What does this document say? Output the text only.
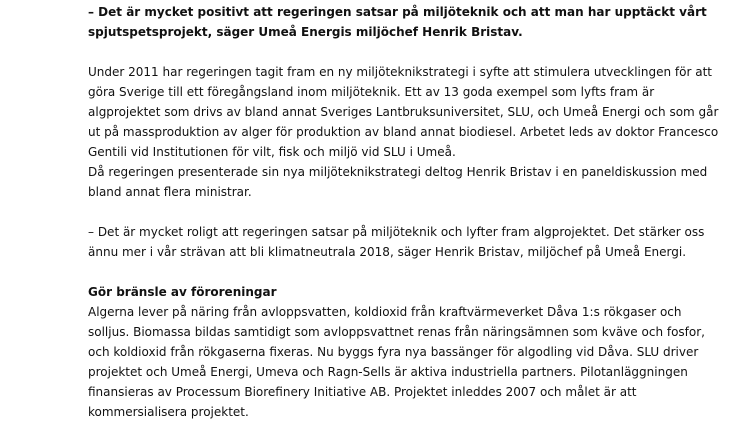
– Det är mycket positivt att regeringen satsar på miljöteknik och att man har upptäckt vårt
spjutspetsprojekt, säger Umeå Energis miljöchef Henrik Bristav.
Under 2011 har regeringen tagit fram en ny miljöteknikstrategi i syfte att stimulera utvecklingen för att
göra Sverige till ett föregångsland inom miljöteknik. Ett av 13 goda exempel som lyfts fram är
algprojektet som drivs av bland annat Sveriges Lantbruksuniversitet, SLU, och Umeå Energi och som går
ut på massproduktion av alger för produktion av bland annat biodiesel. Arbetet leds av doktor Francesco
Gentili vid Institutionen för vilt, fisk och miljö vid SLU i Umeå.
Då regeringen presenterade sin nya miljöteknikstrategi deltog Henrik Bristav i en paneldiskussion med
bland annat flera ministrar.
– Det är mycket roligt att regeringen satsar på miljöteknik och lyfter fram algprojektet. Det stärker oss
ännu mer i vår strävan att bli klimatneutrala 2018, säger Henrik Bristav, miljöchef på Umeå Energi.
Gör bränsle av föroreningar
Algerna lever på näring från avloppsvatten, koldioxid från kraftvärmeverket Dåva 1:s rökgaser och
solljus. Biomassa bildas samtidigt som avloppsvattnet renas från näringsämnen som kväve och fosfor,
och koldioxid från rökgaserna fixeras. Nu byggs fyra nya bassänger för algodling vid Dåva. SLU driver
projektet och Umeå Energi, Umeva och Ragn-Sells är aktiva industriella partners. Pilotanläggningen
finansieras av Processum Biorefinery Initiative AB. Projektet inleddes 2007 och målet är att
kommersialisera projektet.
